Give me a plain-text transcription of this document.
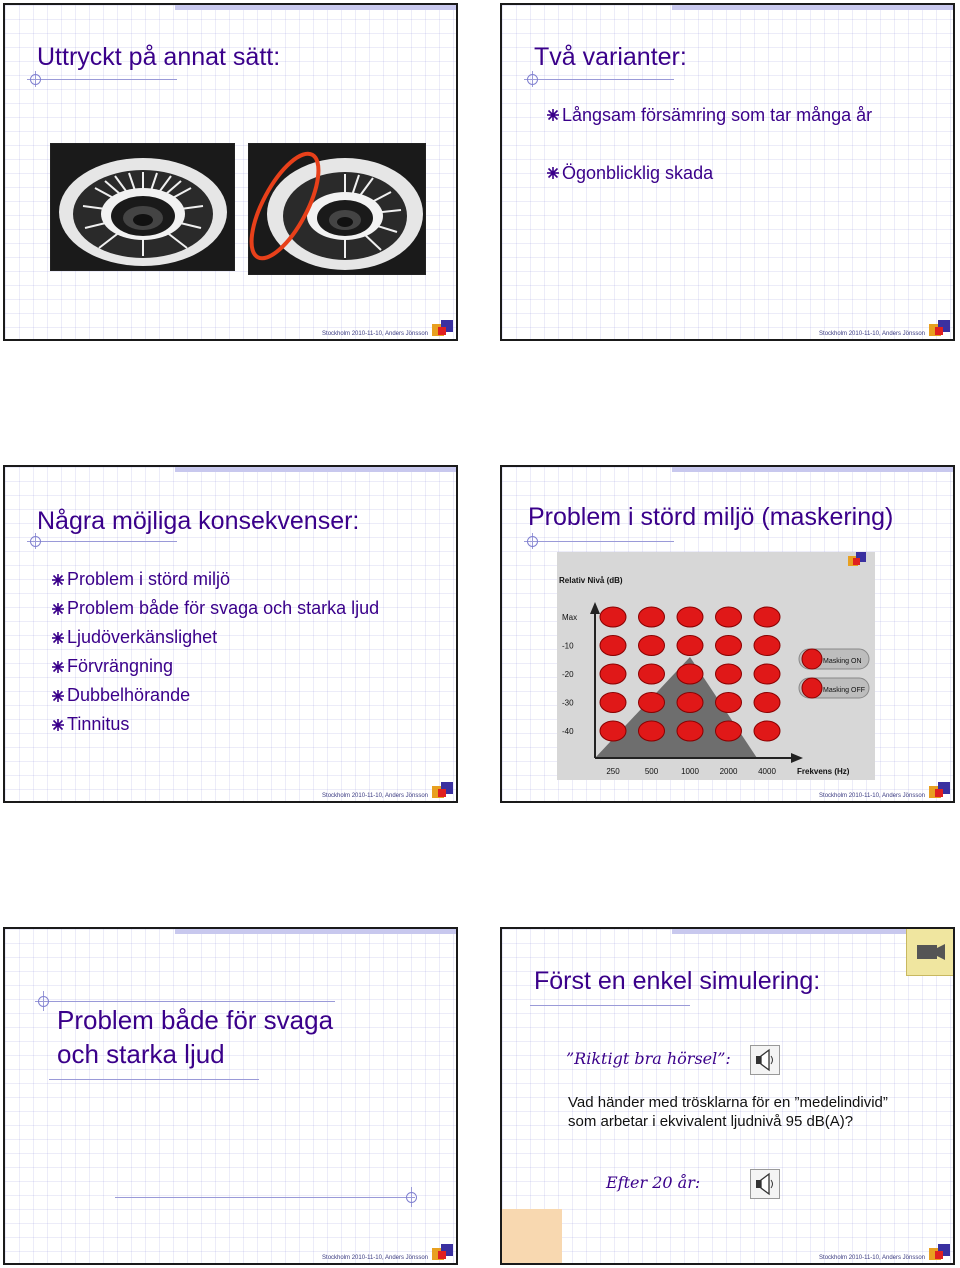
Uttryckt på annat sätt:
Stockholm 2010-11-10, Anders Jönsson
Två varianter:
Långsam försämring som tar många år
Ögonblicklig skada
Stockholm 2010-11-10, Anders Jönsson
Några möjliga konsekvenser:
Problem i störd miljö
Problem både för svaga och starka ljud
Ljudöverkänslighet
Förvrängning
Dubbelhörande
Tinnitus
Stockholm 2010-11-10, Anders Jönsson
Problem i störd miljö (maskering)
Relativ Nivå (dB)
Frekvens (Hz)
Max
-10
-20
-30
-40
250	500	1000	2000	4000
Masking ON
Masking OFF
Stockholm 2010-11-10, Anders Jönsson
Problem både för svaga
och starka ljud
Stockholm 2010-11-10, Anders Jönsson
Först en enkel simulering:
”Riktigt bra hörsel”:
Vad händer med trösklarna för en ”medelindivid”
som arbetar i ekvivalent ljudnivå 95 dB(A)?
Efter 20 år:
Stockholm 2010-11-10, Anders Jönsson
